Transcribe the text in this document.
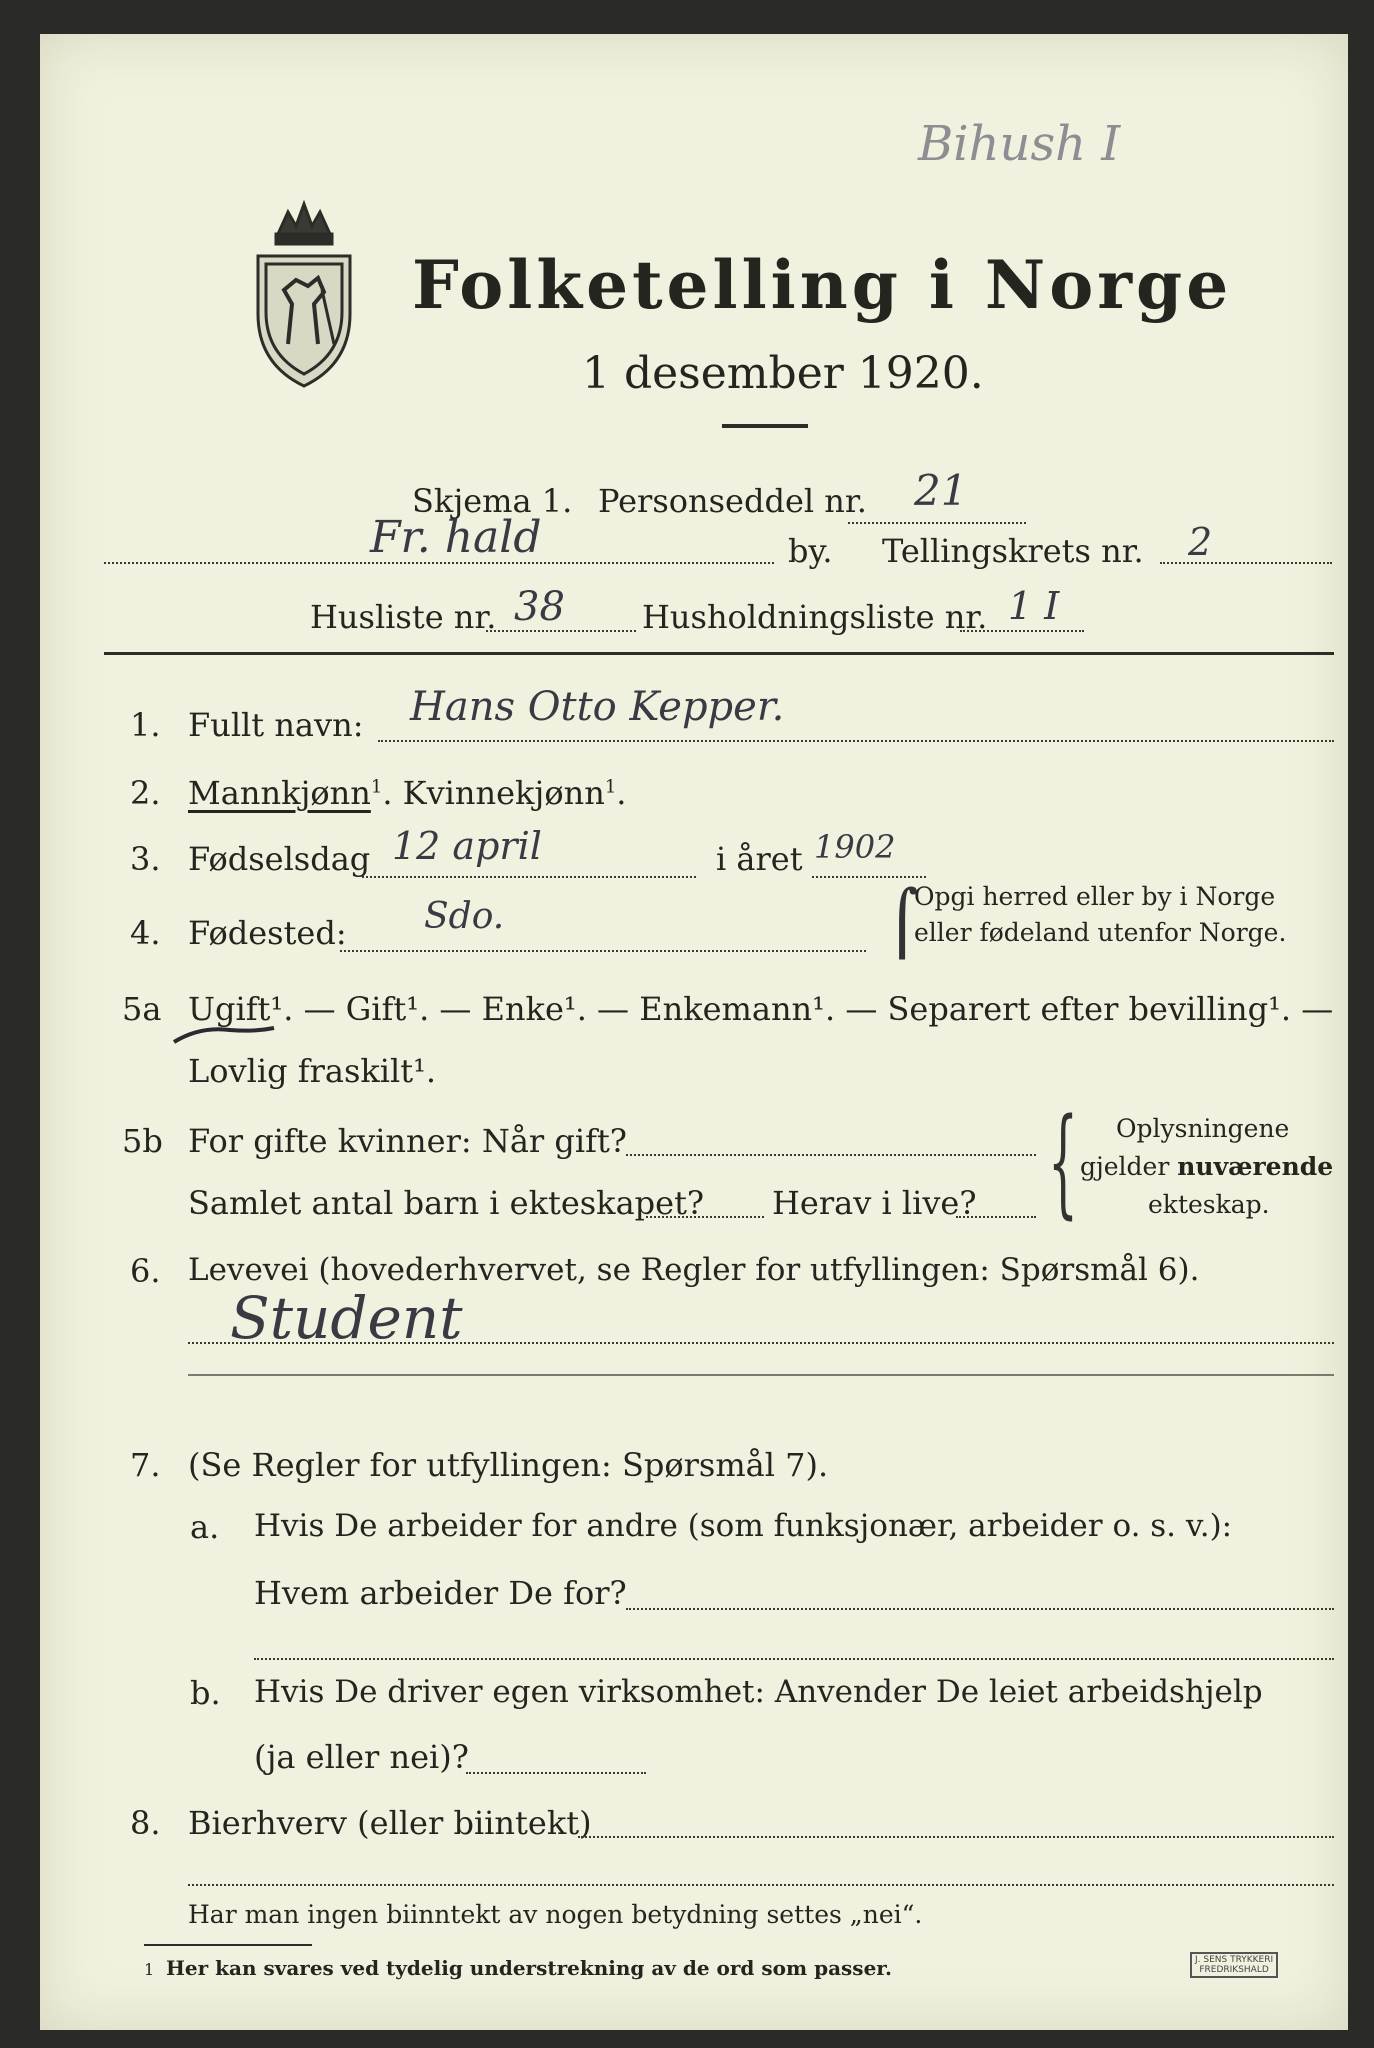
Bihush I
Folketelling i Norge
1 desember 1920.
Skjema 1. Personseddel nr. 21
Fr. hald	by. Tellingskrets nr. 2
Husliste nr. 38 Husholdningsliste nr. 1 I
1. Fullt navn: Hans Otto Kepper.
2. Mannkjønn$^1$. Kvinnekjønn$^1$.
3. Fødselsdag 12 april	i året 1902
4. Fødested: Sdo.	⌠
Opgi herred eller by i Norge
eller fødeland utenfor Norge.
5a Ugift¹. — Gift¹. — Enke¹. — Enkemann¹. — Separert efter bevilling¹. —
Lovlig fraskilt¹.
5b For gifte kvinner: Når gift?
Samlet antal barn i ekteskapet? Herav i live? { Oplysningene
gjelder nuværende
ekteskap.
6. Levevei (hovederhvervet, se Regler for utfyllingen: Spørsmål 6).
Student
7. (Se Regler for utfyllingen: Spørsmål 7).
a. Hvis De arbeider for andre (som funksjonær, arbeider o. s. v.):
Hvem arbeider De for?
b. Hvis De driver egen virksomhet: Anvender De leiet arbeidshjelp
(ja eller nei)?
8. Bierhverv (eller biintekt)
Har man ingen biinntekt av nogen betydning settes „nei“.
1 Her kan svares ved tydelig understrekning av de ord som passer.	J. SENS TRYKKERI
FREDRIKSHALD
